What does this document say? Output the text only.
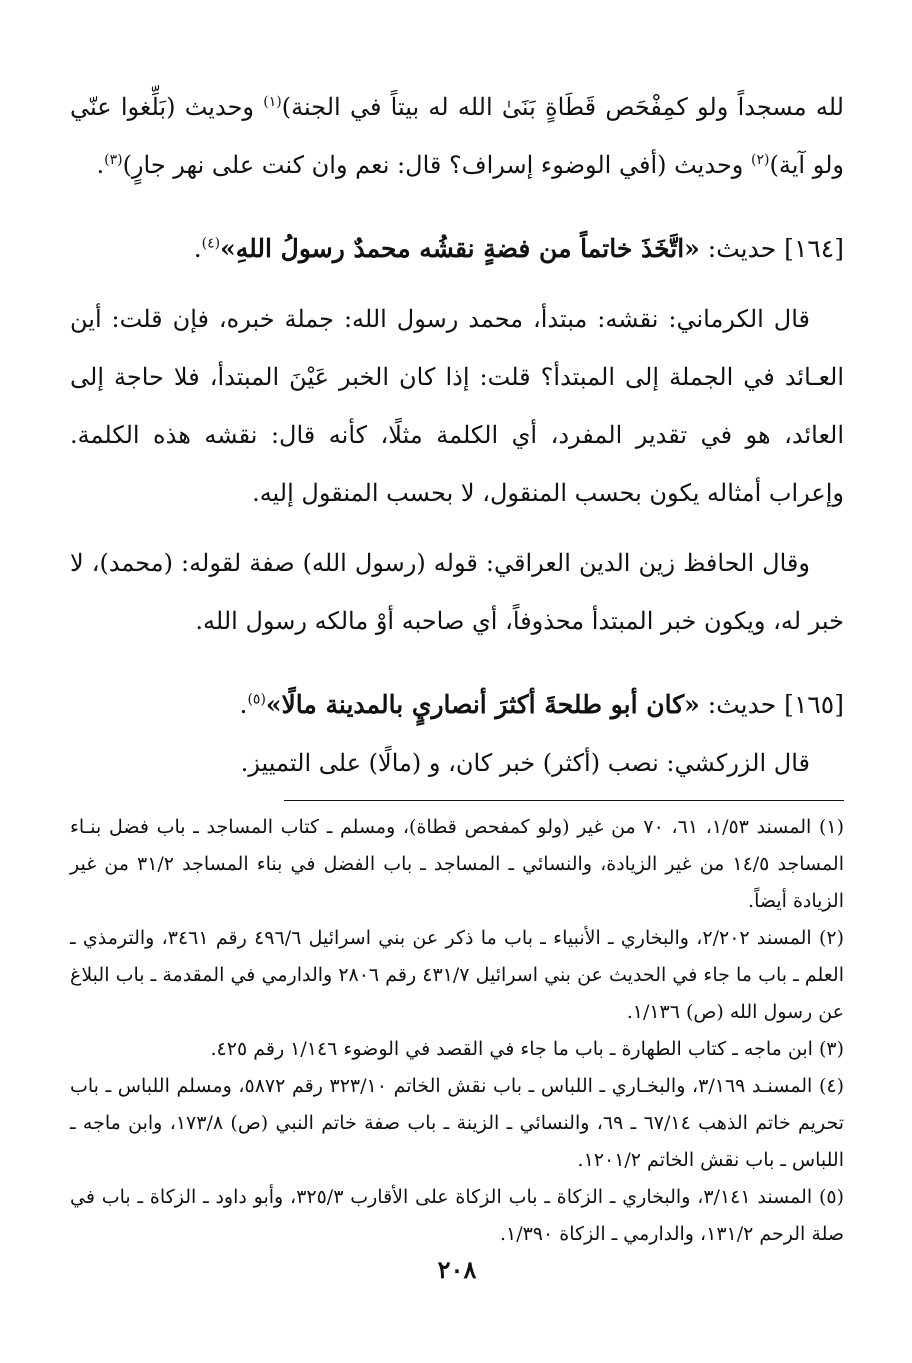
لله مسجداً ولو كمِفْحَص قَطَاةٍ بَنَىٰ الله له بيتاً في الجنة)$^{(١)}$ وحديث (بَلِّغوا عنّي ولو آية)$^{(٢)}$ وحديث (أفي الوضوء إسراف؟ قال: نعم وان كنت على نهر جارٍ)$^{(٣)}$.

[١٦٤] حديث: «اتَّخَذَ خاتماً من فضةٍ نقشُه محمدٌ رسولُ اللهِ»$^{(٤)}$.

قال الكرماني: نقشه: مبتدأ، محمد رسول الله: جملة خبره، فإن قلت: أين العـائد في الجملة إلى المبتدأ؟ قلت: إذا كان الخبر عَيْنَ المبتدأ، فلا حاجة إلى العائد، هو في تقدير المفرد، أي الكلمة مثلًا، كأنه قال: نقشه هذه الكلمة. وإعراب أمثاله يكون بحسب المنقول، لا بحسب المنقول إليه.

وقال الحافظ زين الدين العراقي: قوله (رسول الله) صفة لقوله: (محمد)، لا خبر له، ويكون خبر المبتدأ محذوفاً، أي صاحبه أوْ مالكه رسول الله.

[١٦٥] حديث: «كان أبو طلحةَ أكثرَ أنصاريٍ بالمدينة مالًا»$^{(٥)}$.

قال الزركشي: نصب (أكثر) خبر كان، و (مالًا) على التمييز.

(١) المسند ١/٥٣، ٦١، ٧٠ من غير (ولو كمفحص قطاة)، ومسلم ـ كتاب المساجد ـ باب فضل بنـاء المساجد ١٤/٥ من غير الزيادة، والنسائي ـ المساجد ـ باب الفضل في بناء المساجد ٣١/٢ من غير الزيادة أيضاً.

(٢) المسند ٢/٢٠٢، والبخاري ـ الأنبياء ـ باب ما ذكر عن بني اسرائيل ٤٩٦/٦ رقم ٣٤٦١، والترمذي ـ العلم ـ باب ما جاء في الحديث عن بني اسرائيل ٤٣١/٧ رقم ٢٨٠٦ والدارمي في المقدمة ـ باب البلاغ عن رسول الله (ص) ١/١٣٦.

(٣) ابن ماجه ـ كتاب الطهارة ـ باب ما جاء في القصد في الوضوء ١/١٤٦ رقم ٤٢٥.

(٤) المسنـد ٣/١٦٩، والبخـاري ـ اللباس ـ باب نقش الخاتم ٣٢٣/١٠ رقم ٥٨٧٢، ومسلم اللباس ـ باب تحريم خاتم الذهب ٦٧/١٤ ـ ٦٩، والنسائي ـ الزينة ـ باب صفة خاتم النبي (ص) ١٧٣/٨، وابن ماجه ـ اللباس ـ باب نقش الخاتم ١٢٠١/٢.

(٥) المسند ٣/١٤١، والبخاري ـ الزكاة ـ باب الزكاة على الأقارب ٣٢٥/٣، وأبو داود ـ الزكاة ـ باب في صلة الرحم ١٣١/٢، والدارمي ـ الزكاة ١/٣٩٠.

٢٠٨
